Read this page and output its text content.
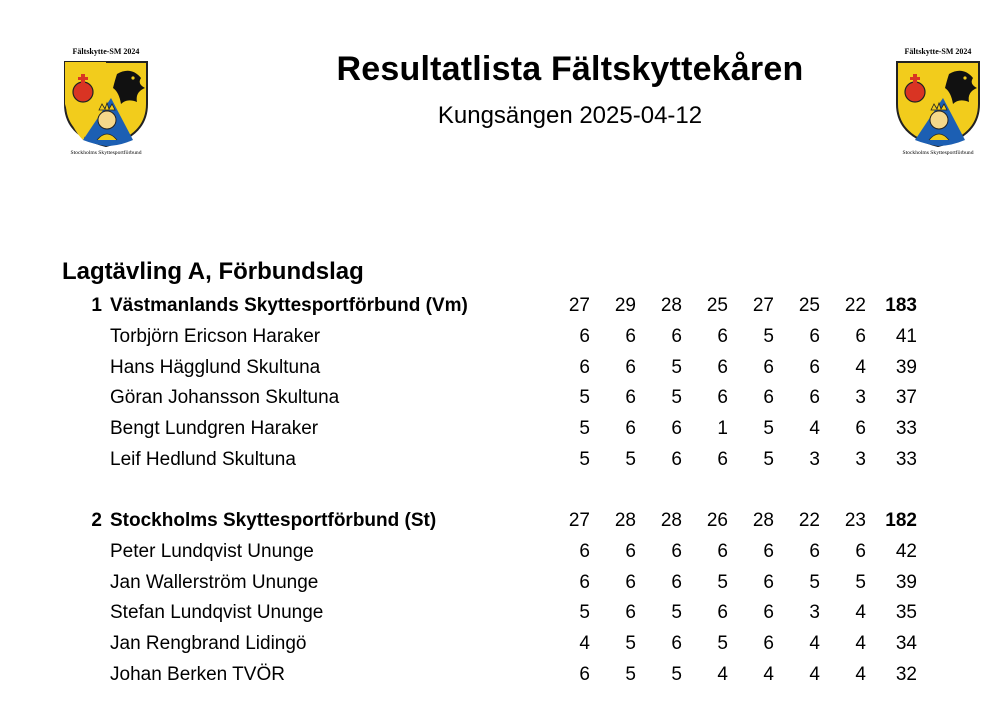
Fältskytte-SM 2024
Stockholms Skyttesportförbund
Fältskytte-SM 2024
Stockholms Skyttesportförbund
Resultatlista Fältskyttekåren
Kungsängen 2025-04-12
Lagtävling A, Förbundslag
1 Västmanlands Skyttesportförbund (Vm)	27	29	28	25	27	25	22	183
Torbjörn Ericson Haraker	6	6	6	6	5	6	6	41
Hans Hägglund Skultuna	6	6	5	6	6	6	4	39
Göran Johansson Skultuna	5	6	5	6	6	6	3	37
Bengt Lundgren Haraker	5	6	6	1	5	4	6	33
Leif Hedlund Skultuna	5	5	6	6	5	3	3	33
2 Stockholms Skyttesportförbund (St)	27	28	28	26	28	22	23	182
Peter Lundqvist Ununge	6	6	6	6	6	6	6	42
Jan Wallerström Ununge	6	6	6	5	6	5	5	39
Stefan Lundqvist Ununge	5	6	5	6	6	3	4	35
Jan Rengbrand Lidingö	4	5	6	5	6	4	4	34
Johan Berken TVÖR	6	5	5	4	4	4	4	32
